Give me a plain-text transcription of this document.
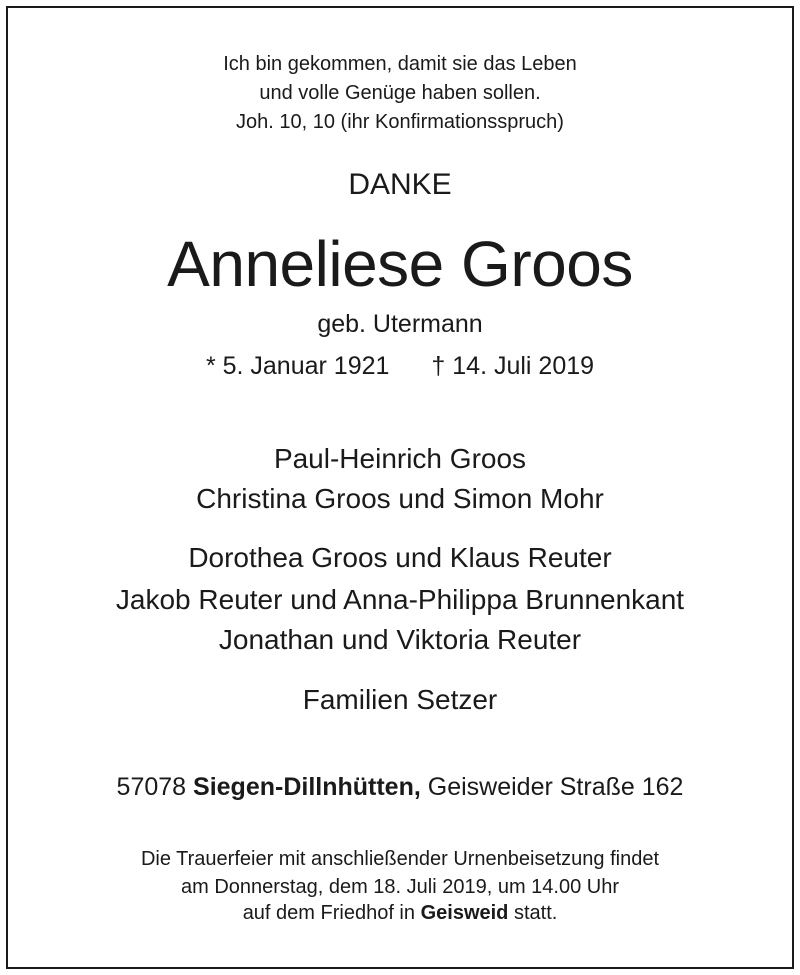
Ich bin gekommen, damit sie das Leben
und volle Genüge haben sollen.
Joh. 10, 10 (ihr Konfirmationsspruch)
DANKE
Anneliese Groos
geb. Utermann
* 5. Januar 1921 † 14. Juli 2019
Paul-Heinrich Groos
Christina Groos und Simon Mohr
Dorothea Groos und Klaus Reuter
Jakob Reuter und Anna-Philippa Brunnenkant
Jonathan und Viktoria Reuter
Familien Setzer
57078 Siegen-Dillnhütten, Geisweider Straße 162
Die Trauerfeier mit anschließender Urnenbeisetzung findet
am Donnerstag, dem 18. Juli 2019, um 14.00 Uhr
auf dem Friedhof in Geisweid statt.
